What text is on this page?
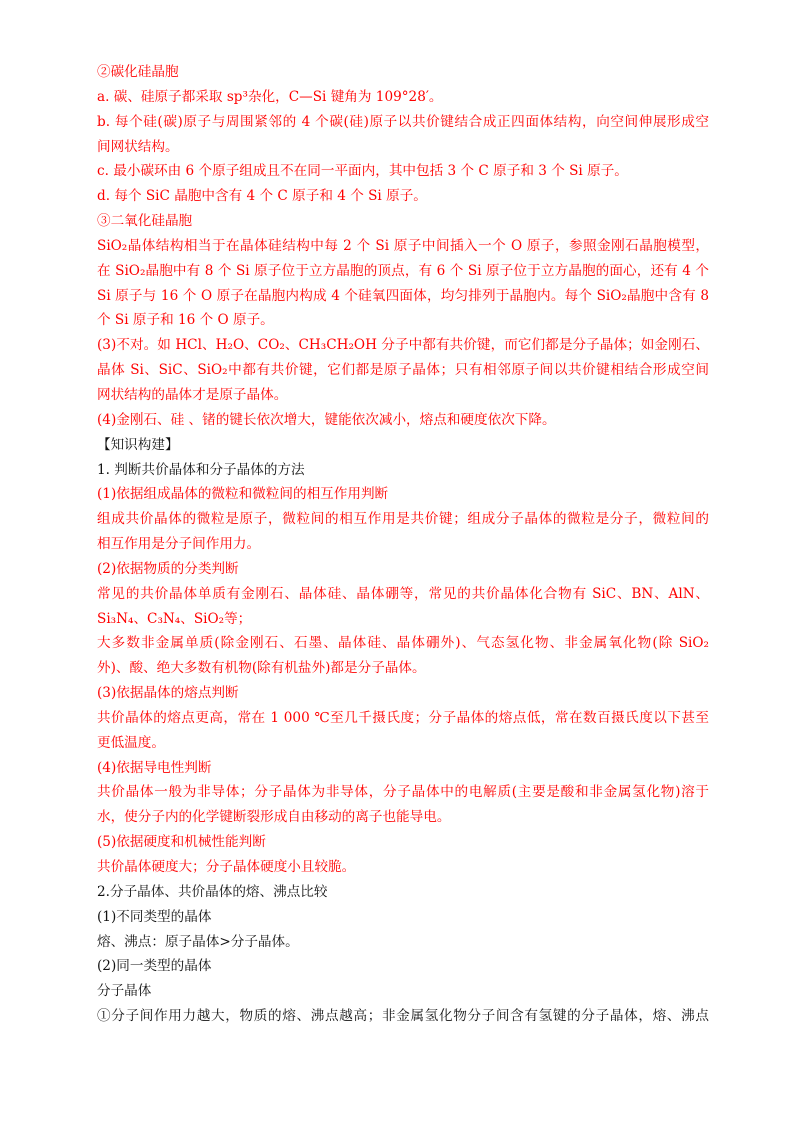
②碳化硅晶胞

a. 碳、硅原子都采取 sp³杂化，C—Si 键角为 109°28′。

b. 每个硅(碳)原子与周围紧邻的 4 个碳(硅)原子以共价键结合成正四面体结构，向空间伸展形成空

间网状结构。

c. 最小碳环由 6 个原子组成且不在同一平面内，其中包括 3 个 C 原子和 3 个 Si 原子。

d. 每个 SiC 晶胞中含有 4 个 C 原子和 4 个 Si 原子。

③二氧化硅晶胞

SiO₂晶体结构相当于在晶体硅结构中每 2 个 Si 原子中间插入一个 O 原子，参照金刚石晶胞模型，

在 SiO₂晶胞中有 8 个 Si 原子位于立方晶胞的顶点，有 6 个 Si 原子位于立方晶胞的面心，还有 4 个

Si 原子与 16 个 O 原子在晶胞内构成 4 个硅氧四面体，均匀排列于晶胞内。每个 SiO₂晶胞中含有 8

个 Si 原子和 16 个 O 原子。

(3)不对。如 HCl、H₂O、CO₂、CH₃CH₂OH 分子中都有共价键，而它们都是分子晶体；如金刚石、

晶体 Si、SiC、SiO₂中都有共价键，它们都是原子晶体；只有相邻原子间以共价键相结合形成空间

网状结构的晶体才是原子晶体。

(4)金刚石、硅 、锗的键长依次增大，键能依次减小，熔点和硬度依次下降。

【知识构建】

1. 判断共价晶体和分子晶体的方法

(1)依据组成晶体的微粒和微粒间的相互作用判断

组成共价晶体的微粒是原子，微粒间的相互作用是共价键；组成分子晶体的微粒是分子，微粒间的

相互作用是分子间作用力。

(2)依据物质的分类判断

常见的共价晶体单质有金刚石、晶体硅、晶体硼等，常见的共价晶体化合物有 SiC、BN、AlN、

Si₃N₄、C₃N₄、SiO₂等；

大多数非金属单质(除金刚石、石墨、晶体硅、晶体硼外)、气态氢化物、非金属氧化物(除 SiO₂

外)、酸、绝大多数有机物(除有机盐外)都是分子晶体。

(3)依据晶体的熔点判断

共价晶体的熔点更高，常在 1 000 ℃至几千摄氏度；分子晶体的熔点低，常在数百摄氏度以下甚至

更低温度。

(4)依据导电性判断

共价晶体一般为非导体；分子晶体为非导体，分子晶体中的电解质(主要是酸和非金属氢化物)溶于

水，使分子内的化学键断裂形成自由移动的离子也能导电。

(5)依据硬度和机械性能判断

共价晶体硬度大；分子晶体硬度小且较脆。

2.分子晶体、共价晶体的熔、沸点比较

(1)不同类型的晶体

熔、沸点：原子晶体>分子晶体。

(2)同一类型的晶体

分子晶体

①分子间作用力越大，物质的熔、沸点越高；非金属氢化物分子间含有氢键的分子晶体，熔、沸点
